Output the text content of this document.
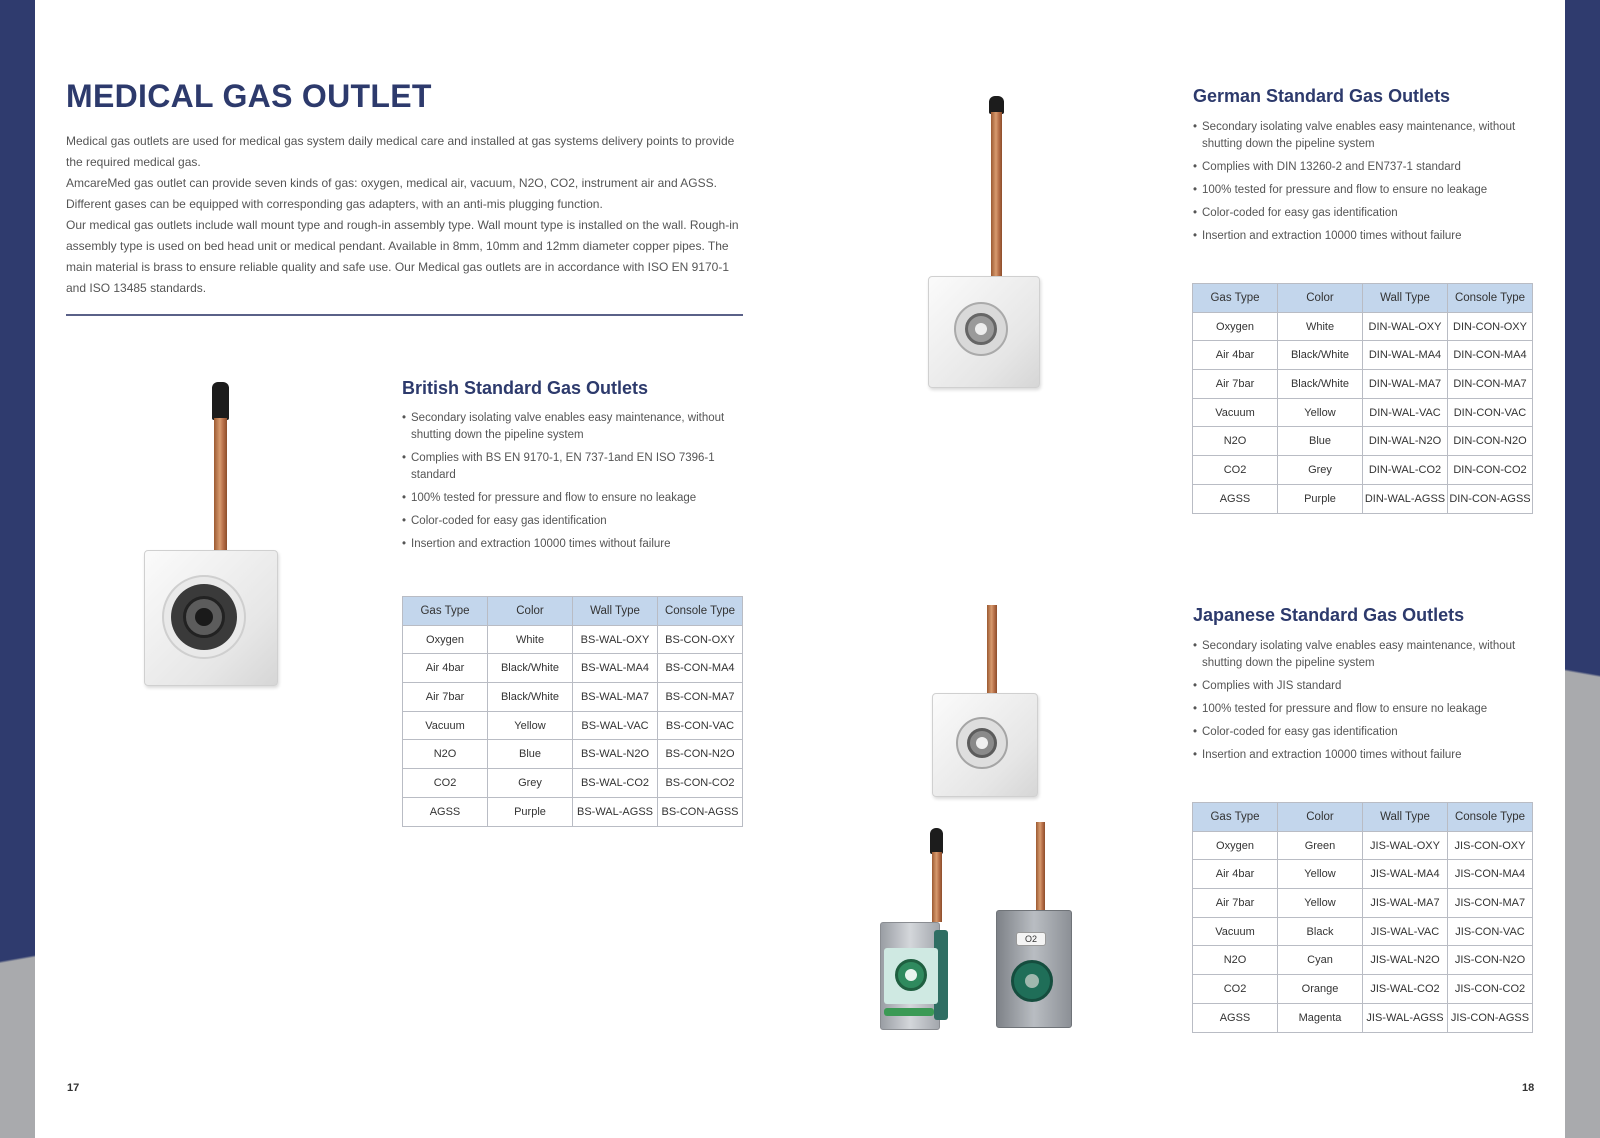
MEDICAL GAS OUTLET

Medical gas outlets are used for medical gas system daily medical care and installed at gas systems delivery points to provide the required medical gas.

AmcareMed gas outlet can provide seven kinds of gas: oxygen, medical air, vacuum, N2O, CO2, instrument air and AGSS. Different gases can be equipped with corresponding gas adapters, with an anti-mis plugging function.

Our medical gas outlets include wall mount type and rough-in assembly type. Wall mount type is installed on the wall. Rough-in assembly type is used on bed head unit or medical pendant. Available in 8mm, 10mm and 12mm diameter copper pipes. The main material is brass to ensure reliable quality and safe use. Our Medical gas outlets are in accordance with ISO EN 9170-1 and ISO 13485 standards.

British Standard Gas Outlets
• Secondary isolating valve enables easy maintenance, without shutting down the pipeline system
• Complies with BS EN 9170-1, EN 737-1and EN ISO 7396-1 standard
• 100% tested for pressure and flow to ensure no leakage
• Color-coded for easy gas identification
• Insertion and extraction 10000 times without failure
Gas Type	Color	Wall Type	Console Type
Oxygen	White	BS-WAL-OXY	BS-CON-OXY
Air 4bar	Black/White	BS-WAL-MA4	BS-CON-MA4
Air 7bar	Black/White	BS-WAL-MA7	BS-CON-MA7
Vacuum	Yellow	BS-WAL-VAC	BS-CON-VAC
N2O	Blue	BS-WAL-N2O	BS-CON-N2O
CO2	Grey	BS-WAL-CO2	BS-CON-CO2
AGSS	Purple	BS-WAL-AGSS	BS-CON-AGSS
17
German Standard Gas Outlets
• Secondary isolating valve enables easy maintenance, without shutting down the pipeline system
• Complies with DIN 13260-2 and EN737-1 standard
• 100% tested for pressure and flow to ensure no leakage
• Color-coded for easy gas identification
• Insertion and extraction 10000 times without failure
Gas Type	Color	Wall Type	Console Type
Oxygen	White	DIN-WAL-OXY	DIN-CON-OXY
Air 4bar	Black/White	DIN-WAL-MA4	DIN-CON-MA4
Air 7bar	Black/White	DIN-WAL-MA7	DIN-CON-MA7
Vacuum	Yellow	DIN-WAL-VAC	DIN-CON-VAC
N2O	Blue	DIN-WAL-N2O	DIN-CON-N2O
CO2	Grey	DIN-WAL-CO2	DIN-CON-CO2
AGSS	Purple	DIN-WAL-AGSS	DIN-CON-AGSS
O2
Japanese Standard Gas Outlets
• Secondary isolating valve enables easy maintenance, without shutting down the pipeline system
• Complies with JIS standard
• 100% tested for pressure and flow to ensure no leakage
• Color-coded for easy gas identification
• Insertion and extraction 10000 times without failure
Gas Type	Color	Wall Type	Console Type
Oxygen	Green	JIS-WAL-OXY	JIS-CON-OXY
Air 4bar	Yellow	JIS-WAL-MA4	JIS-CON-MA4
Air 7bar	Yellow	JIS-WAL-MA7	JIS-CON-MA7
Vacuum	Black	JIS-WAL-VAC	JIS-CON-VAC
N2O	Cyan	JIS-WAL-N2O	JIS-CON-N2O
CO2	Orange	JIS-WAL-CO2	JIS-CON-CO2
AGSS	Magenta	JIS-WAL-AGSS	JIS-CON-AGSS
18
